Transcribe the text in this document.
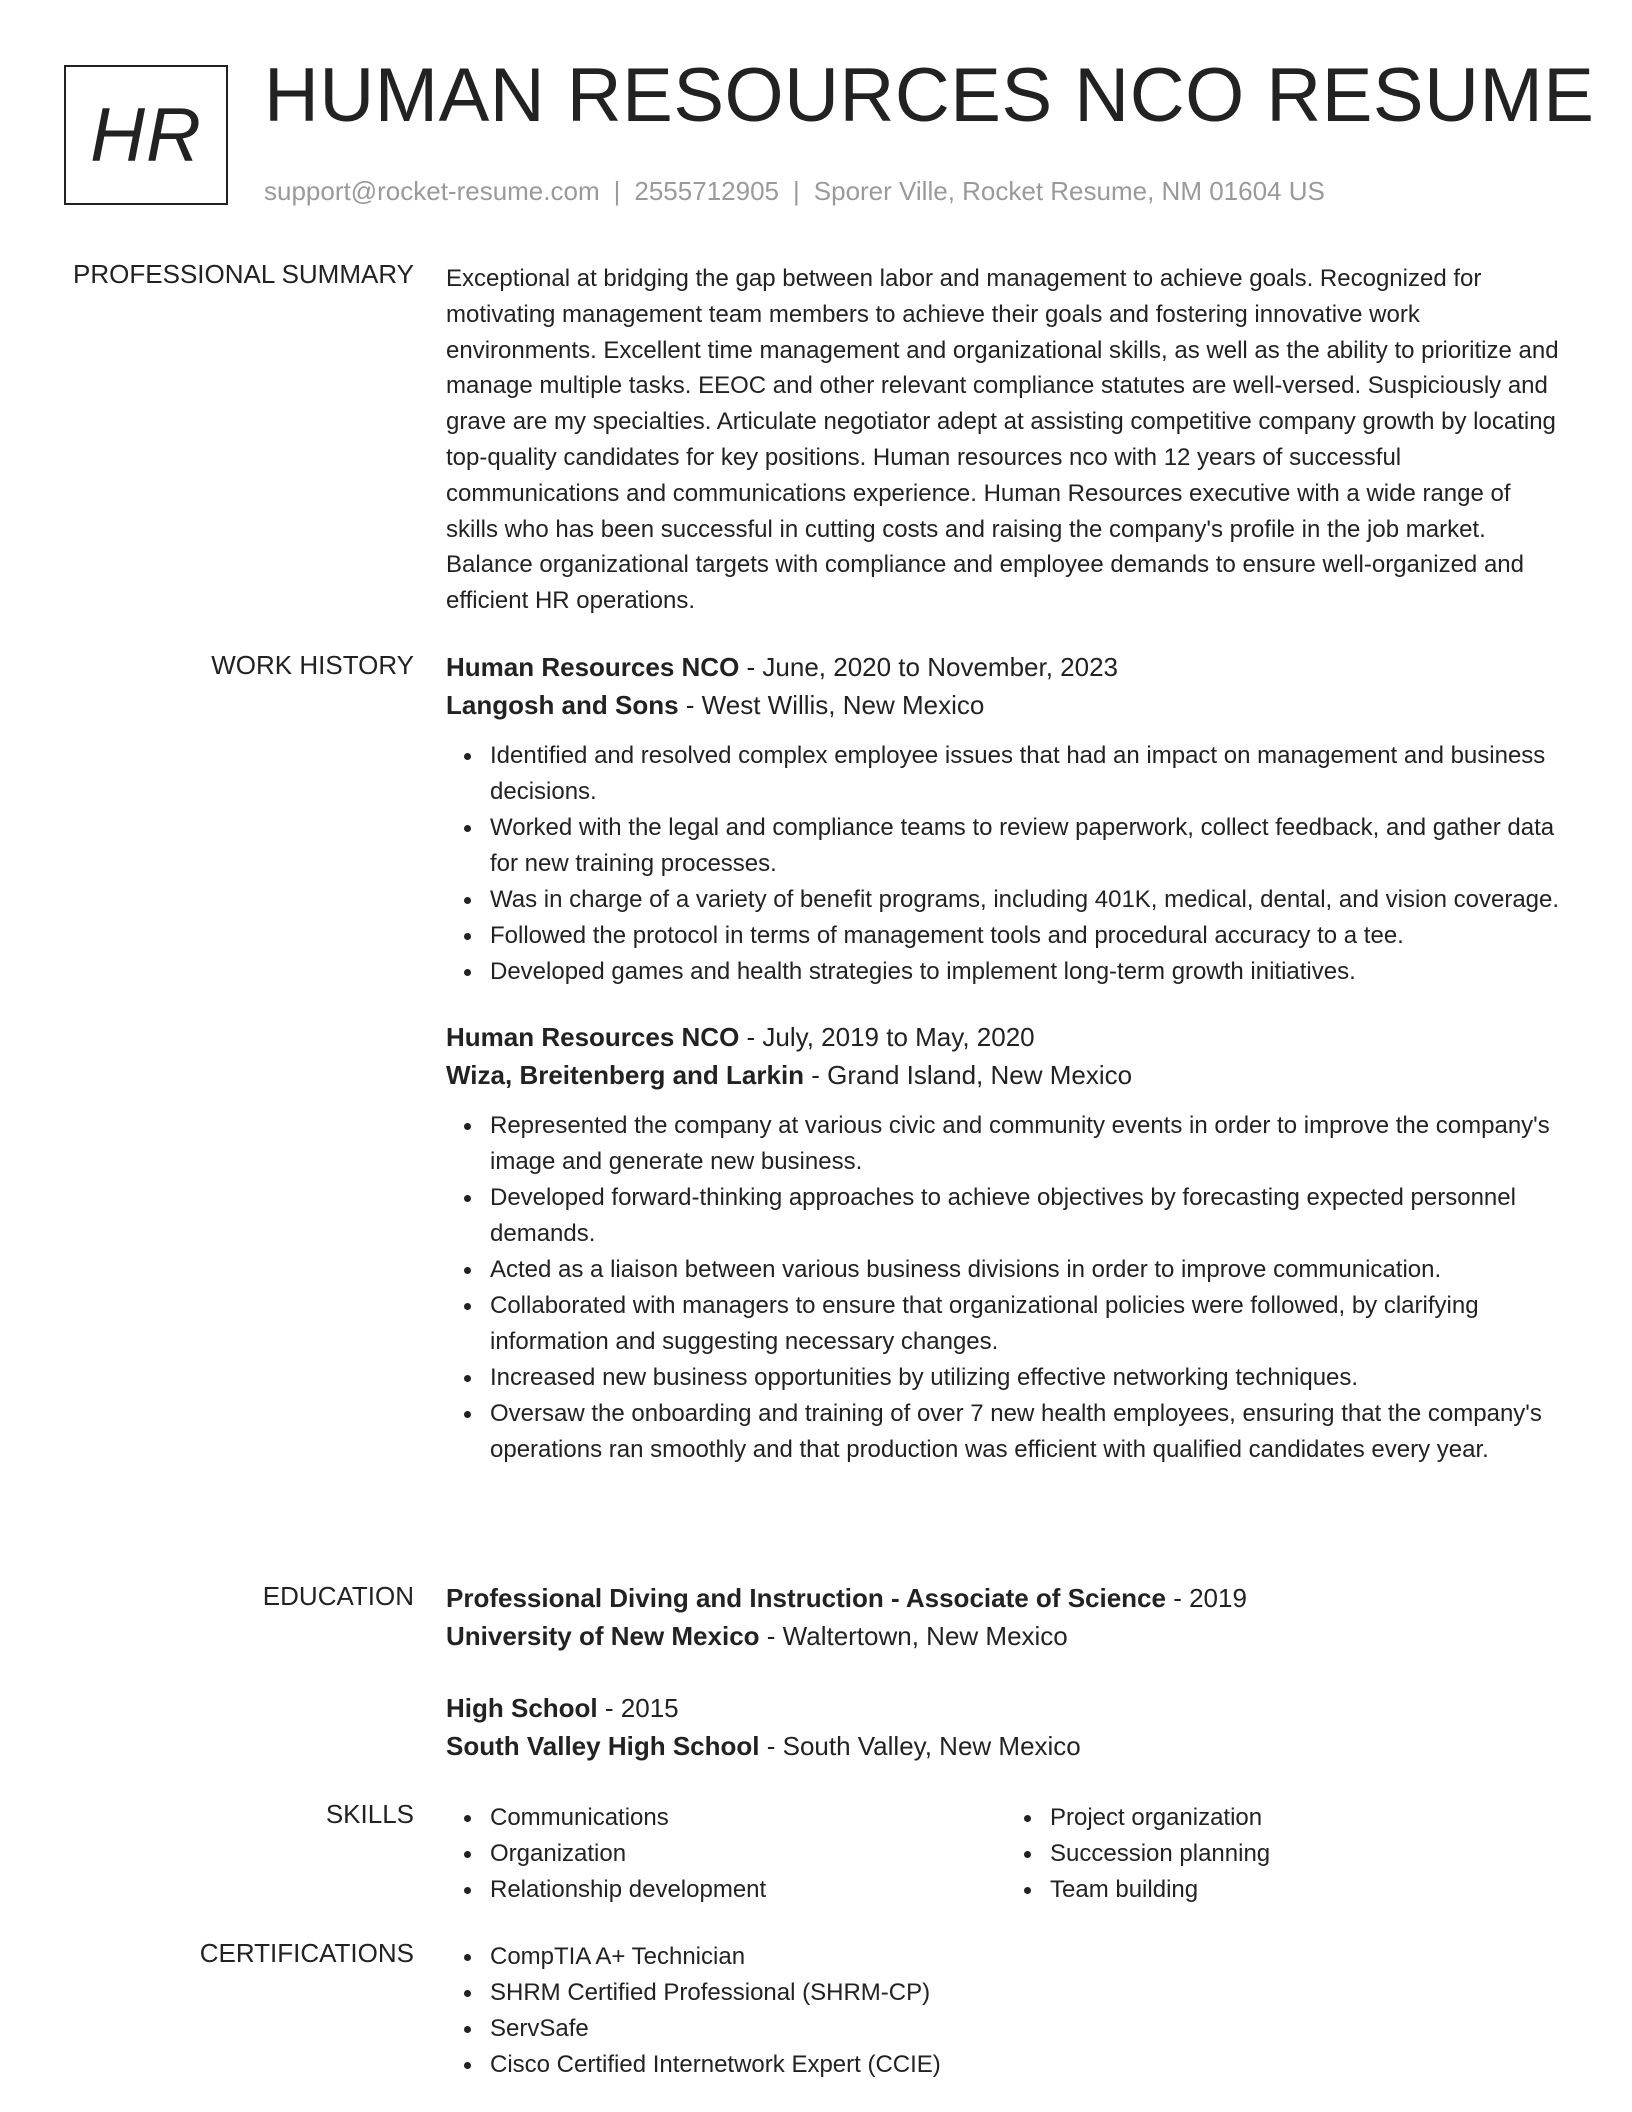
HR HUMAN RESOURCES NCO RESUME
support@rocket-resume.com | 2555712905 | Sporer Ville, Rocket Resume, NM 01604 US
PROFESSIONAL SUMMARY Exceptional at bridging the gap between labor and management to achieve goals. Recognized for motivating management team members to achieve their goals and fostering innovative work environments. Excellent time management and organizational skills, as well as the ability to prioritize and manage multiple tasks. EEOC and other relevant compliance statutes are well-versed. Suspiciously and grave are my specialties. Articulate negotiator adept at assisting competitive company growth by locating top-quality candidates for key positions. Human resources nco with 12 years of successful communications and communications experience. Human Resources executive with a wide range of skills who has been successful in cutting costs and raising the company's profile in the job market. Balance organizational targets with compliance and employee demands to ensure well-organized and efficient HR operations.

WORK HISTORY Human Resources NCO - June, 2020 to November, 2023
Langosh and Sons - West Willis, New Mexico
Identified and resolved complex employee issues that had an impact on management and business decisions.
Worked with the legal and compliance teams to review paperwork, collect feedback, and gather data for new training processes.
Was in charge of a variety of benefit programs, including 401K, medical, dental, and vision coverage.
Followed the protocol in terms of management tools and procedural accuracy to a tee.
Developed games and health strategies to implement long-term growth initiatives.
Human Resources NCO - July, 2019 to May, 2020
Wiza, Breitenberg and Larkin - Grand Island, New Mexico
Represented the company at various civic and community events in order to improve the company's image and generate new business.
Developed forward-thinking approaches to achieve objectives by forecasting expected personnel demands.
Acted as a liaison between various business divisions in order to improve communication.
Collaborated with managers to ensure that organizational policies were followed, by clarifying information and suggesting necessary changes.
Increased new business opportunities by utilizing effective networking techniques.
Oversaw the onboarding and training of over 7 new health employees, ensuring that the company's operations ran smoothly and that production was efficient with qualified candidates every year.
EDUCATION Professional Diving and Instruction - Associate of Science - 2019
University of New Mexico - Waltertown, New Mexico
High School - 2015
South Valley High School - South Valley, New Mexico
SKILLS	Communications
Organization
Relationship development
Project organization
Succession planning
Team building
CERTIFICATIONS	CompTIA A+ Technician
SHRM Certified Professional (SHRM-CP)
ServSafe
Cisco Certified Internetwork Expert (CCIE)
